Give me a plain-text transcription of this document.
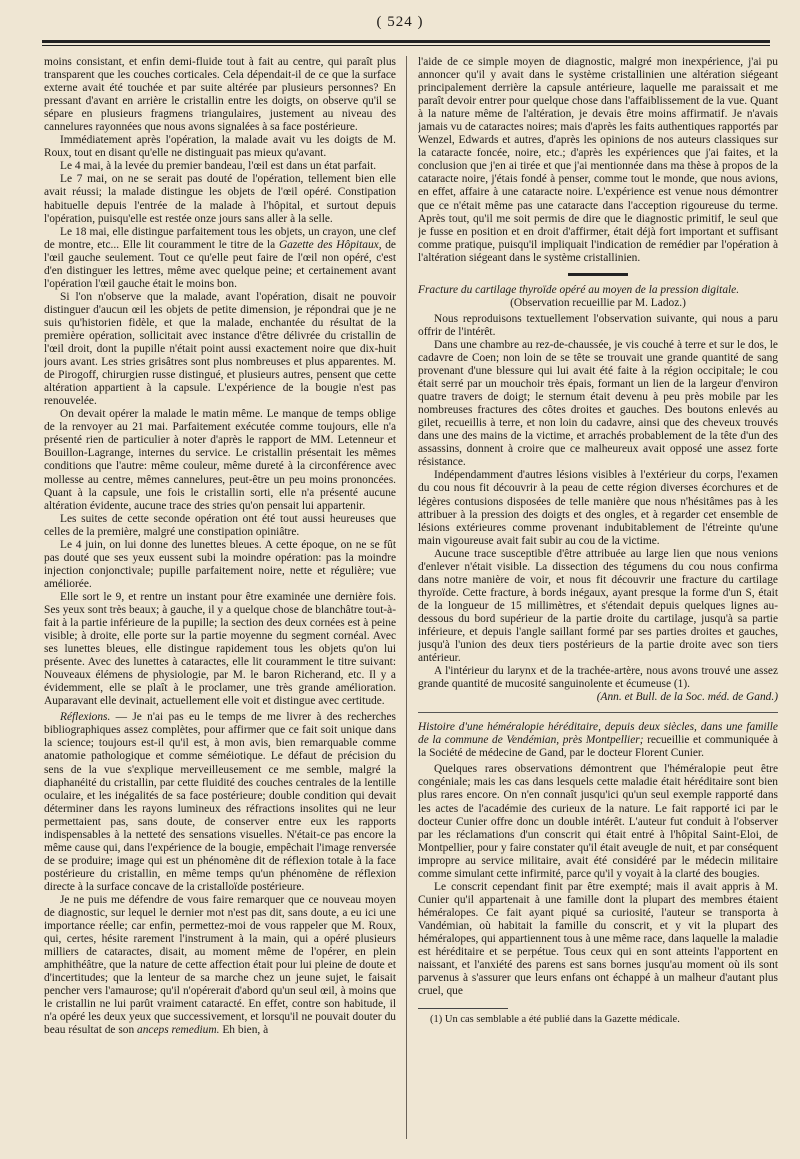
( 524 )

moins consistant, et enfin demi-fluide tout à fait au centre, qui paraît plus transparent que les couches corticales. Cela dépendait-il de ce que la surface externe avait été touchée et par suite altérée par plusieurs personnes? En pressant d'avant en arrière le cristallin entre les doigts, on observe qu'il se sépare en plusieurs fragmens triangulaires, justement au niveau des cannelures rayonnées que nous avons signalées à sa face postérieure.

Immédiatement après l'opération, la malade avait vu les doigts de M. Roux, tout en disant qu'elle ne distinguait pas mieux qu'avant.

Le 4 mai, à la levée du premier bandeau, l'œil est dans un état parfait.

Le 7 mai, on ne se serait pas douté de l'opération, tellement bien elle avait réussi; la malade distingue les objets de l'œil opéré. Constipation habituelle depuis l'entrée de la malade à l'hôpital, et surtout depuis l'opération, puisqu'elle est restée onze jours sans aller à la selle.

Le 18 mai, elle distingue parfaitement tous les objets, un crayon, une clef de montre, etc... Elle lit couramment le titre de la Gazette des Hôpitaux, de l'œil gauche seulement. Tout ce qu'elle peut faire de l'œil non opéré, c'est d'en distinguer les lettres, même avec quelque peine; et certainement avant l'opération l'œil gauche était le moins bon.

Si l'on n'observe que la malade, avant l'opération, disait ne pouvoir distinguer d'aucun œil les objets de petite dimension, je répondrai que je ne suis qu'historien fidèle, et que la malade, enchantée du résultat de la première opération, sollicitait avec instance d'être délivrée du cristallin de l'œil droit, dont la pupille n'était point aussi exactement noire que dix-huit jours avant. Les stries grisâtres sont plus nombreuses et plus apparentes. M. de Pirogoff, chirurgien russe distingué, et plusieurs autres, pensent que cette altération appartient à la capsule. L'expérience de la bougie n'est pas renouvelée.

On devait opérer la malade le matin même. Le manque de temps oblige de la renvoyer au 21 mai. Parfaitement exécutée comme toujours, elle n'a présenté rien de particulier à noter d'après le rapport de MM. Letenneur et Bouillon-Lagrange, internes du service. Le cristallin présentait les mêmes conditions que l'autre: même couleur, même dureté à la circonférence avec mollesse au centre, mêmes cannelures, peut-être un peu moins prononcées. Quant à la capsule, une fois le cristallin sorti, elle n'a présenté aucune altération évidente, aucune trace des stries qu'on pensait lui appartenir.

Les suites de cette seconde opération ont été tout aussi heureuses que celles de la première, malgré une constipation opiniâtre.

Le 4 juin, on lui donne des lunettes bleues. A cette époque, on ne se fût pas douté que ses yeux eussent subi la moindre opération: pas la moindre injection conjonctivale; pupille parfaitement noire, nette et régulière; vue améliorée.

Elle sort le 9, et rentre un instant pour être examinée une dernière fois. Ses yeux sont très beaux; à gauche, il y a quelque chose de blanchâtre tout-à-fait à la partie inférieure de la pupille; la section des deux cornées est à peine visible; à droite, elle porte sur la partie moyenne du segment cornéal. Avec ses lunettes bleues, elle distingue rapidement tous les objets qu'on lui présente. Avec des lunettes à cataractes, elle lit couramment le titre suivant: Nouveaux élémens de physiologie, par M. le baron Richerand, etc. Il y a évidemment, elle se plaît à le proclamer, une très grande amélioration. Auparavant elle devinait, actuellement elle voit et distingue avec certitude.

Réflexions. — Je n'ai pas eu le temps de me livrer à des recherches bibliographiques assez complètes, pour affirmer que ce fait soit unique dans la science; toujours est-il qu'il est, à mon avis, bien remarquable comme anatomie pathologique et comme séméiotique. Le défaut de précision du sens de la vue s'explique merveilleusement ce me semble, malgré la diaphanéité du cristallin, par cette fluidité des couches centrales de la lentille oculaire, et les inégalités de sa face postérieure; double condition qui devait déterminer dans les rayons lumineux des réfractions insolites qui ne leur permettaient pas, sans doute, de conserver entre eux les rapports indispensables à la netteté des sensations visuelles. N'était-ce pas encore la même cause qui, dans l'expérience de la bougie, empêchait l'image renversée de se produire; image qui est un phénomène dit de réflexion totale à la face postérieure du cristallin, en même temps qu'un phénomène de réflexion directe à la surface concave de la cristalloïde postérieure.

Je ne puis me défendre de vous faire remarquer que ce nouveau moyen de diagnostic, sur lequel le dernier mot n'est pas dit, sans doute, a eu ici une importance réelle; car enfin, permettez-moi de vous rappeler que M. Roux, qui, certes, hésite rarement l'instrument à la main, qui a opéré plusieurs milliers de cataractes, disait, au moment même de l'opérer, en plein amphithéâtre, que la nature de cette affection était pour lui pleine de doute et d'incertitudes; que la lenteur de sa marche chez un jeune sujet, le faisait pencher vers l'amaurose; qu'il n'opérerait d'abord qu'un seul œil, à moins que le cristallin ne lui parût vraiment cataracté. En effet, contre son habitude, il n'a opéré les deux yeux que successivement, et lorsqu'il ne pouvait douter du beau résultat de son anceps remedium. Eh bien, à

l'aide de ce simple moyen de diagnostic, malgré mon inexpérience, j'ai pu annoncer qu'il y avait dans le système cristallinien une altération siégeant principalement derrière la capsule antérieure, laquelle me paraissait et me paraît devoir entrer pour quelque chose dans l'affaiblissement de la vue. Quant à la nature même de l'altération, je devais être moins affirmatif. Je n'avais jamais vu de cataractes noires; mais d'après les faits authentiques rapportés par Wenzel, Edwards et autres, d'après les opinions de nos auteurs classiques sur la cataracte foncée, noire, etc.; d'après les expériences que j'ai faites, et la conclusion que j'en ai tirée et que j'ai mentionnée dans ma thèse à propos de la cataracte noire, j'étais fondé à penser, comme tout le monde, que nous avions, en effet, affaire à une cataracte noire. L'expérience est venue nous démontrer que ce n'était même pas une cataracte dans l'acception rigoureuse du terme. Après tout, qu'il me soit permis de dire que le diagnostic primitif, le seul que je fusse en position et en droit d'affirmer, était déjà fort important et suffisant comme pratique, puisqu'il impliquait l'indication de remédier par l'opération à l'altération siégeant dans le système cristallinien.

Fracture du cartilage thyroïde opéré au moyen de la pression digitale.

(Observation recueillie par M. Ladoz.)

Nous reproduisons textuellement l'observation suivante, qui nous a paru offrir de l'intérêt.

Dans une chambre au rez-de-chaussée, je vis couché à terre et sur le dos, le cadavre de Coen; non loin de se tête se trouvait une grande quantité de sang provenant d'une blessure qui lui avait été faite à la région occipitale; le cou était serré par un mouchoir très épais, formant un lien de la largeur d'environ quatre travers de doigt; le sternum était devenu à peu près mobile par les nombreuses fractures des côtes droites et gauches. Des boutons enlevés au gilet, recueillis à terre, et non loin du cadavre, ainsi que des cheveux trouvés dans une des mains de la victime, et arrachés probablement de la tête d'un des assassins, donnent à croire que ce malheureux avait opposé une assez forte résistance.

Indépendamment d'autres lésions visibles à l'extérieur du corps, l'examen du cou nous fit découvrir à la peau de cette région diverses écorchures et de légères contusions disposées de telle manière que nous n'hésitâmes pas à les attribuer à la pression des doigts et des ongles, et à regarder cet ensemble de lésions extérieures comme provenant indubitablement de l'étreinte qu'une main vigoureuse avait fait subir au cou de la victime.

Aucune trace susceptible d'être attribuée au large lien que nous venions d'enlever n'était visible. La dissection des tégumens du cou nous confirma dans notre manière de voir, et nous fit découvrir une fracture du cartilage thyroïde. Cette fracture, à bords inégaux, ayant presque la forme d'un S, était de la longueur de 15 millimètres, et s'étendait depuis quelques lignes au-dessous du bord supérieur de la partie droite du cartilage, jusqu'à sa partie inférieure, et depuis l'angle saillant formé par ses parties droites et gauches, jusqu'à l'union des deux tiers postérieurs de la partie droite avec son tiers antérieur.

A l'intérieur du larynx et de la trachée-artère, nous avons trouvé une assez grande quantité de mucosité sanguinolente et écumeuse (1).

(Ann. et Bull. de la Soc. méd. de Gand.)

Histoire d'une héméralopie héréditaire, depuis deux siècles, dans une famille de la commune de Vendémian, près Montpellier; recueillie et communiquée à la Société de médecine de Gand, par le docteur Florent Cunier.

Quelques rares observations démontrent que l'héméralopie peut être congéniale; mais les cas dans lesquels cette maladie était héréditaire sont bien plus rares encore. On n'en connaît jusqu'ici qu'un seul exemple rapporté dans les actes de l'académie des curieux de la nature. Le fait rapporté ici par le docteur Cunier offre donc un double intérêt. L'auteur fut conduit à l'observer par les réclamations d'un conscrit qui était entré à l'hôpital Saint-Eloi, de Montpellier, pour y faire constater qu'il était aveugle de nuit, et par conséquent impropre au service militaire, avait été considéré par le médecin militaire comme simulant cette infirmité, parce qu'il y voyait à la clarté des bougies.

Le conscrit cependant finit par être exempté; mais il avait appris à M. Cunier qu'il appartenait à une famille dont la plupart des membres étaient héméralopes. Ce fait ayant piqué sa curiosité, l'auteur se transporta à Vandémian, où habitait la famille du conscrit, et y vit la plupart des héméralopes, qui appartiennent tous à une même race, dans laquelle la maladie est héréditaire et se perpétue. Tous ceux qui en sont atteints l'apportent en naissant, et l'anxiété des parens est sans bornes jusqu'au moment où ils sont parvenus à s'assurer que leurs enfans ont échappé à un malheur d'autant plus cruel, que

(1) Un cas semblable a été publié dans la Gazette médicale.
